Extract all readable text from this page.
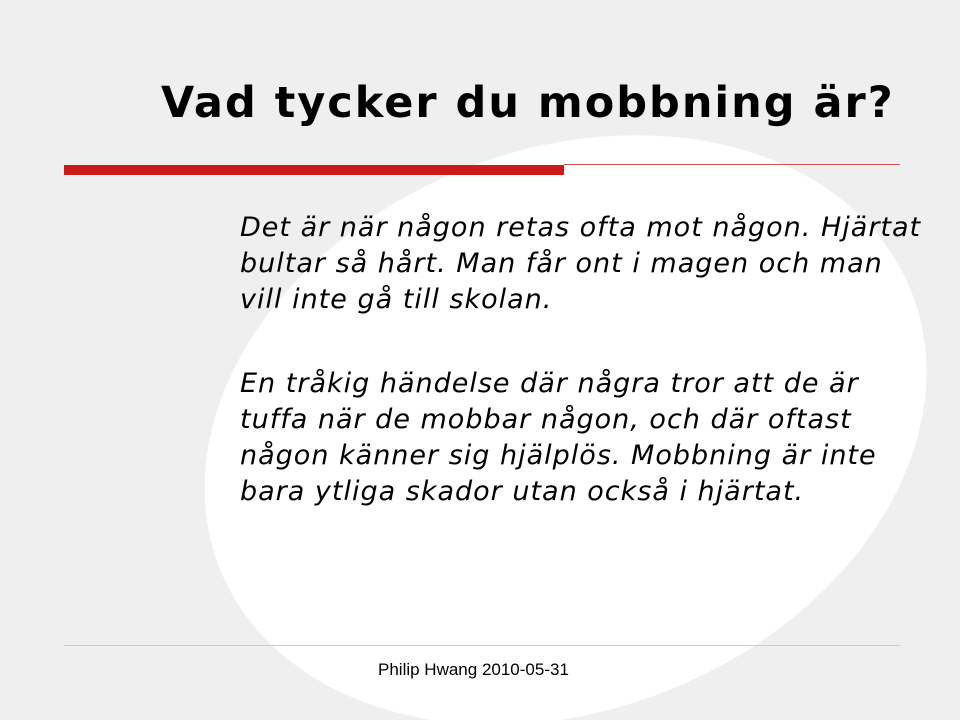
Vad tycker du mobbning är?

Det är när någon retas ofta mot någon. Hjärtat bultar så hårt. Man får ont i magen och man vill inte gå till skolan.

En tråkig händelse där några tror att de är tuffa när de mobbar någon, och där oftast någon känner sig hjälplös. Mobbning är inte bara ytliga skador utan också i hjärtat.

Philip Hwang 2010-05-31
